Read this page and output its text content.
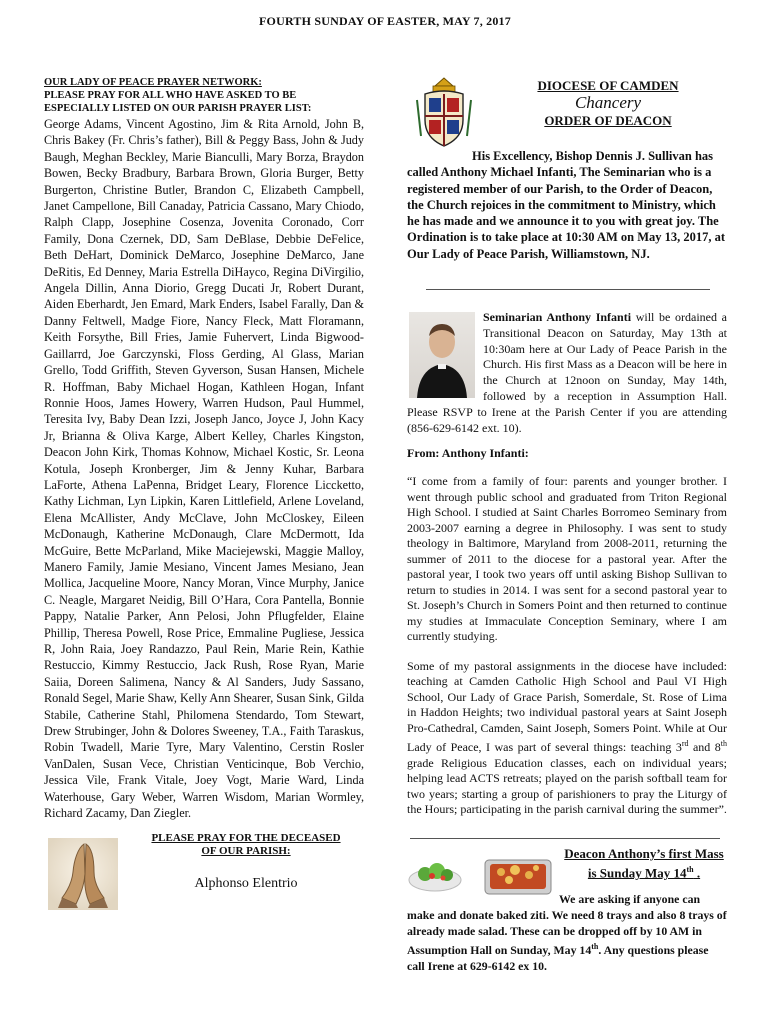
FOURTH SUNDAY OF EASTER, MAY 7, 2017
OUR LADY OF PEACE PRAYER NETWORK:
PLEASE PRAY FOR ALL WHO HAVE ASKED TO BE ESPECIALLY LISTED ON OUR PARISH PRAYER LIST:
George Adams, Vincent Agostino, Jim & Rita Arnold, John B, Chris Bakey (Fr. Chris’s father), Bill & Peggy Bass, John & Judy Baugh, Meghan Beckley, Marie Bianculli, Mary Borza, Braydon Bowen, Becky Bradbury, Barbara Brown, Gloria Burger, Betty Burgerton, Christine Butler, Brandon C, Elizabeth Campbell, Janet Campellone, Bill Canaday, Patricia Cassano, Mary Chiodo, Ralph Clapp, Josephine Cosenza, Jovenita Coronado, Corr Family, Dona Czernek, DD, Sam DeBlase, Debbie DeFelice, Beth DeHart, Dominick DeMarco, Josephine DeMarco, Jane DeRitis, Ed Denney, Maria Estrella DiHayco, Regina DiVirgilio, Angela Dillin, Anna Diorio, Gregg Ducati Jr, Robert Durant, Aiden Eberhardt, Jen Emard, Mark Enders, Isabel Farally, Dan & Danny Feltwell, Madge Fiore, Nancy Fleck, Matt Floramann, Keith Forsythe, Bill Fries, Jamie Fuhervert, Linda Bigwood-Gaillarrd, Joe Garczynski, Floss Gerding, Al Glass, Marian Grello, Todd Griffith, Steven Gyverson, Susan Hansen, Michele R. Hoffman, Baby Michael Hogan, Kathleen Hogan, Infant Ronnie Hoos, James Howery, Warren Hudson, Paul Hummel, Teresita Ivy, Baby Dean Izzi, Joseph Janco, Joyce J, John Kacy Jr, Brianna & Oliva Karge, Albert Kelley, Charles Kingston, Deacon John Kirk, Thomas Kohnow, Michael Kostic, Sr. Leona Kotula, Joseph Kronberger, Jim & Jenny Kuhar, Barbara LaForte, Athena LaPenna, Bridget Leary, Florence Liccketto, Kathy Lichman, Lyn Lipkin, Karen Littlefield, Arlene Loveland, Elena McAllister, Andy McClave, John McCloskey, Eileen McDonaugh, Katherine McDonaugh, Clare McDermott, Ida McGuire, Bette McParland, Mike Maciejewski, Maggie Malloy, Manero Family, Jamie Mesiano, Vincent James Mesiano, Jean Mollica, Jacqueline Moore, Nancy Moran, Vince Murphy, Janice C. Neagle, Margaret Neidig, Bill O’Hara, Cora Pantella, Bonnie Pappy, Natalie Parker, Ann Pelosi, John Pflugfelder, Elaine Phillip, Theresa Powell, Rose Price, Emmaline Pugliese, Jessica R, John Raia, Joey Randazzo, Paul Rein, Marie Rein, Kathie Restuccio, Kimmy Restuccio, Jack Rush, Rose Ryan, Marie Saiia, Doreen Salimena, Nancy & Al Sanders, Judy Sassano, Ronald Segel, Marie Shaw, Kelly Ann Shearer, Susan Sink, Gilda Stabile, Catherine Stahl, Philomena Stendardo, Tom Stewart, Drew Strubinger, John & Dolores Sweeney, T.A., Faith Taraskus, Robin Twadell, Marie Tyre, Mary Valentino, Cerstin Rosler VanDalen, Susan Vece, Christian Venticinque, Bob Verchio, Jessica Vile, Frank Vitale, Joey Vogt, Marie Ward, Linda Waterhouse, Gary Weber, Warren Wisdom, Marian Wormley, Richard Zacamy, Dan Ziegler.
PLEASE PRAY FOR THE DECEASED
OF OUR PARISH:
Alphonso Elentrio
DIOCESE OF CAMDEN
Chancery
ORDER OF DEACON
His Excellency, Bishop Dennis J. Sullivan has called Anthony Michael Infanti, The Seminarian who is a registered member of our Parish, to the Order of Deacon, the Church rejoices in the commitment to Ministry, which he has made and we announce it to you with great joy. The Ordination is to take place at 10:30 AM on May 13, 2017, at Our Lady of Peace Parish, Williamstown, NJ.
Seminarian Anthony Infanti will be ordained a Transitional Deacon on Saturday, May 13th at 10:30am here at Our Lady of Peace Parish in the Church. His first Mass as a Deacon will be here in the Church at 12noon on Sunday, May 14th, followed by a reception in Assumption Hall. Please RSVP to Irene at the Parish Center if you are attending (856-629-6142 ext. 10).
From: Anthony Infanti:

“I come from a family of four: parents and younger brother. I went through public school and graduated from Triton Regional High School. I studied at Saint Charles Borromeo Seminary from 2003-2007 earning a degree in Philosophy. I was sent to study theology in Baltimore, Maryland from 2008-2011, returning the summer of 2011 to the diocese for a pastoral year. After the pastoral year, I took two years off until asking Bishop Sullivan to return to studies in 2014. I was sent for a second pastoral year to St. Joseph’s Church in Somers Point and then returned to continue my studies at Immaculate Conception Seminary, where I am currently studying.

Some of my pastoral assignments in the diocese have included: teaching at Camden Catholic High School and Paul VI High School, Our Lady of Grace Parish, Somerdale, St. Rose of Lima in Haddon Heights; two individual pastoral years at Saint Joseph Pro-Cathedral, Camden, Saint Joseph, Somers Point. While at Our Lady of Peace, I was part of several things: teaching 3rd and 8th grade Religious Education classes, each on individual years; helping lead ACTS retreats; played on the parish softball team for two years; starting a group of parishioners to pray the Liturgy of the Hours; participating in the parish carnival during the summer”.

Deacon Anthony’s first Mass is Sunday May 14th .
We are asking if anyone can make and donate baked ziti. We need 8 trays and also 8 trays of already made salad. These can be dropped off by 10 AM in Assumption Hall on Sunday, May 14th. Any questions please call Irene at 629-6142 ex 10.
